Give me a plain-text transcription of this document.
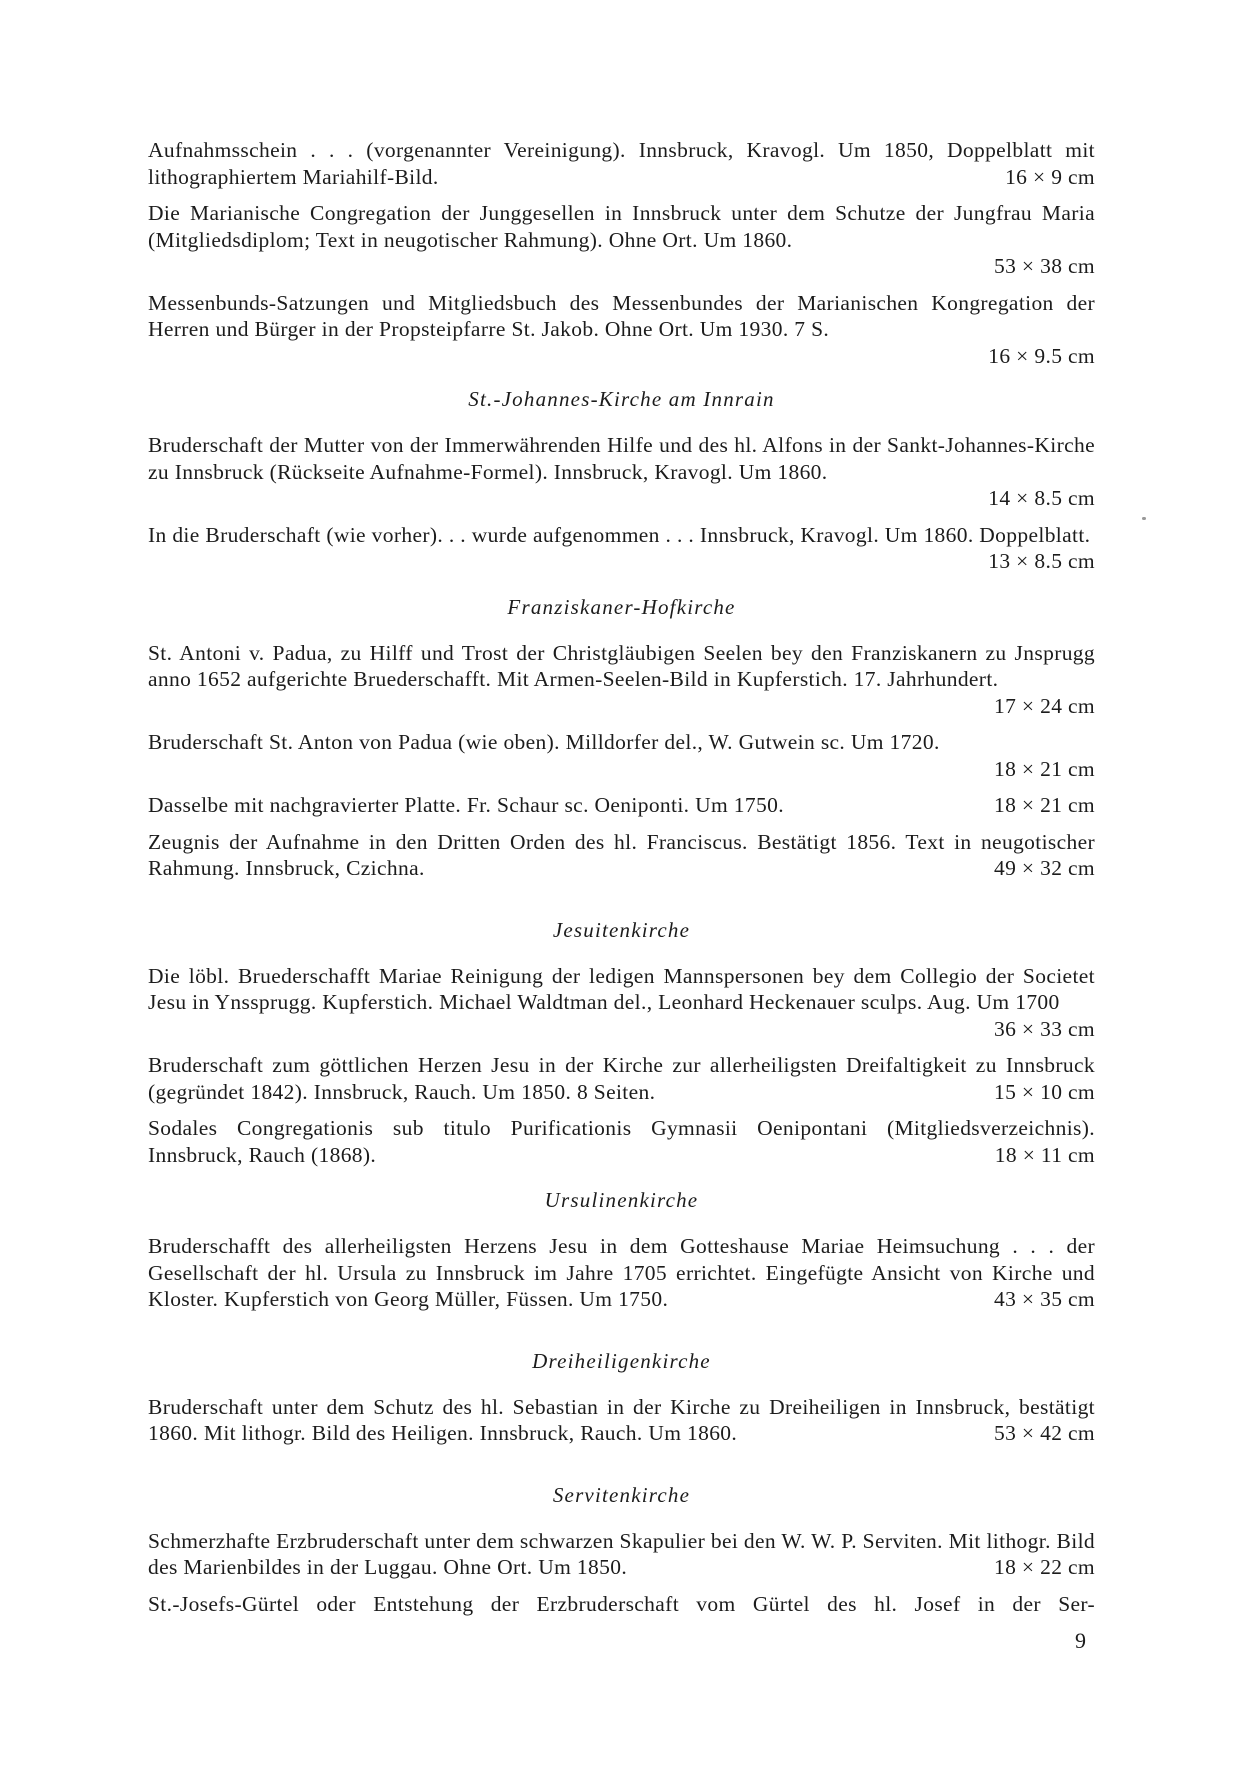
Aufnahmsschein . . . (vorgenannter Vereinigung). Innsbruck, Kravogl. Um 1850, Doppelblatt mit lithographiertem Mariahilf-Bild.	16 × 9 cm

Die Marianische Congregation der Junggesellen in Innsbruck unter dem Schutze der Jungfrau Maria (Mitgliedsdiplom; Text in neugotischer Rahmung). Ohne Ort. Um 1860.
53 × 38 cm

Messenbunds-Satzungen und Mitgliedsbuch des Messenbundes der Marianischen Kongregation der Herren und Bürger in der Propsteipfarre St. Jakob. Ohne Ort. Um 1930. 7 S.
16 × 9.5 cm

St.-Johannes-Kirche am Innrain

Bruderschaft der Mutter von der Immerwährenden Hilfe und des hl. Alfons in der Sankt-Johannes-Kirche zu Innsbruck (Rückseite Aufnahme-Formel). Innsbruck, Kravogl. Um 1860.
14 × 8.5 cm

In die Bruderschaft (wie vorher). . . wurde aufgenommen . . . Innsbruck, Kravogl. Um 1860. Doppelblatt.
13 × 8.5 cm

Franziskaner-Hofkirche

St. Antoni v. Padua, zu Hilff und Trost der Christgläubigen Seelen bey den Franziskanern zu Jnsprugg anno 1652 aufgerichte Bruederschafft. Mit Armen-Seelen-Bild in Kupferstich. 17. Jahrhundert.
17 × 24 cm

Bruderschaft St. Anton von Padua (wie oben). Milldorfer del., W. Gutwein sc. Um 1720.
18 × 21 cm

Dasselbe mit nachgravierter Platte. Fr. Schaur sc. Oeniponti. Um 1750.	18 × 21 cm

Zeugnis der Aufnahme in den Dritten Orden des hl. Franciscus. Bestätigt 1856. Text in neugotischer Rahmung. Innsbruck, Czichna.	49 × 32 cm

Jesuitenkirche

Die löbl. Bruederschafft Mariae Reinigung der ledigen Mannspersonen bey dem Collegio der Societet Jesu in Ynssprugg. Kupferstich. Michael Waldtman del., Leonhard Heckenauer sculps. Aug. Um 1700
36 × 33 cm

Bruderschaft zum göttlichen Herzen Jesu in der Kirche zur allerheiligsten Dreifaltigkeit zu Innsbruck (gegründet 1842). Innsbruck, Rauch. Um 1850. 8 Seiten.	15 × 10 cm

Sodales Congregationis sub titulo Purificationis Gymnasii Oenipontani (Mitgliedsverzeichnis). Innsbruck, Rauch (1868).	18 × 11 cm

Ursulinenkirche

Bruderschafft des allerheiligsten Herzens Jesu in dem Gotteshause Mariae Heimsuchung . . . der Gesellschaft der hl. Ursula zu Innsbruck im Jahre 1705 errichtet. Eingefügte Ansicht von Kirche und Kloster. Kupferstich von Georg Müller, Füssen. Um 1750.	43 × 35 cm

Dreiheiligenkirche

Bruderschaft unter dem Schutz des hl. Sebastian in der Kirche zu Dreiheiligen in Innsbruck, bestätigt 1860. Mit lithogr. Bild des Heiligen. Innsbruck, Rauch. Um 1860.	53 × 42 cm

Servitenkirche

Schmerzhafte Erzbruderschaft unter dem schwarzen Skapulier bei den W. W. P. Serviten. Mit lithogr. Bild des Marienbildes in der Luggau. Ohne Ort. Um 1850.	18 × 22 cm

St.-Josefs-Gürtel oder Entstehung der Erzbruderschaft vom Gürtel des hl. Josef in der Ser-

9
